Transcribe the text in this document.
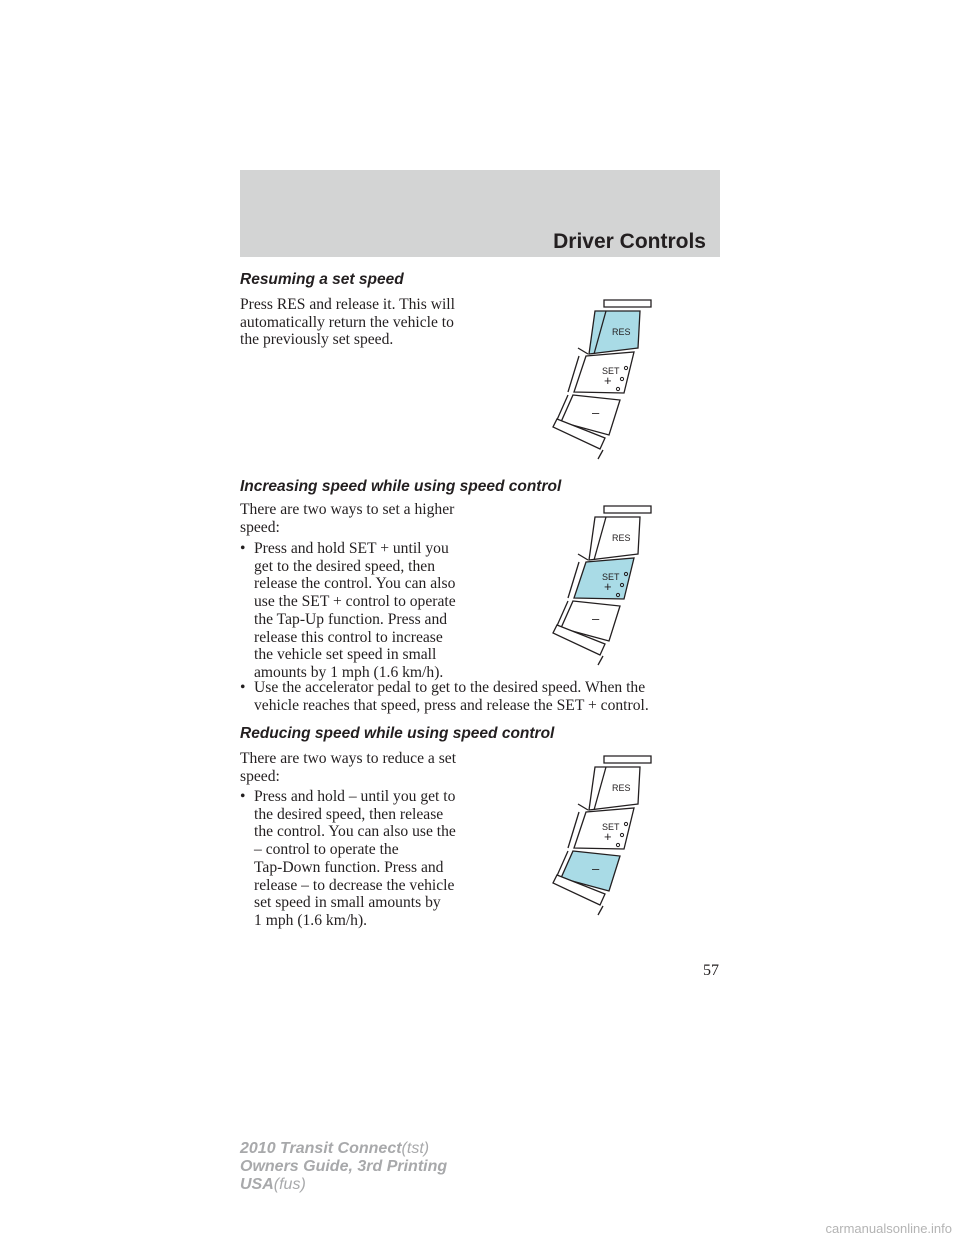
Driver Controls
Resuming a set speed
Press RES and release it. This will
automatically return the vehicle to
the previously set speed.	RES
SET
+
–
Increasing speed while using speed control
There are two ways to set a higher
speed:
• Press and hold SET + until you
get to the desired speed, then
release the control. You can also
use the SET + control to operate
the Tap-Up function. Press and
release this control to increase
the vehicle set speed in small
amounts by 1 mph (1.6 km/h).
• Use the accelerator pedal to get to the desired speed. When the
vehicle reaches that speed, press and release the SET + control.
RES
SET
+
–
Reducing speed while using speed control
There are two ways to reduce a set
speed:
• Press and hold – until you get to
the desired speed, then release
the control. You can also use the
– control to operate the
Tap-Down function. Press and
release – to decrease the vehicle
set speed in small amounts by
1 mph (1.6 km/h).
RES
SET
+
–
57
2010 Transit Connect(tst)
Owners Guide, 3rd Printing
USA(fus)
carmanualsonline.info
